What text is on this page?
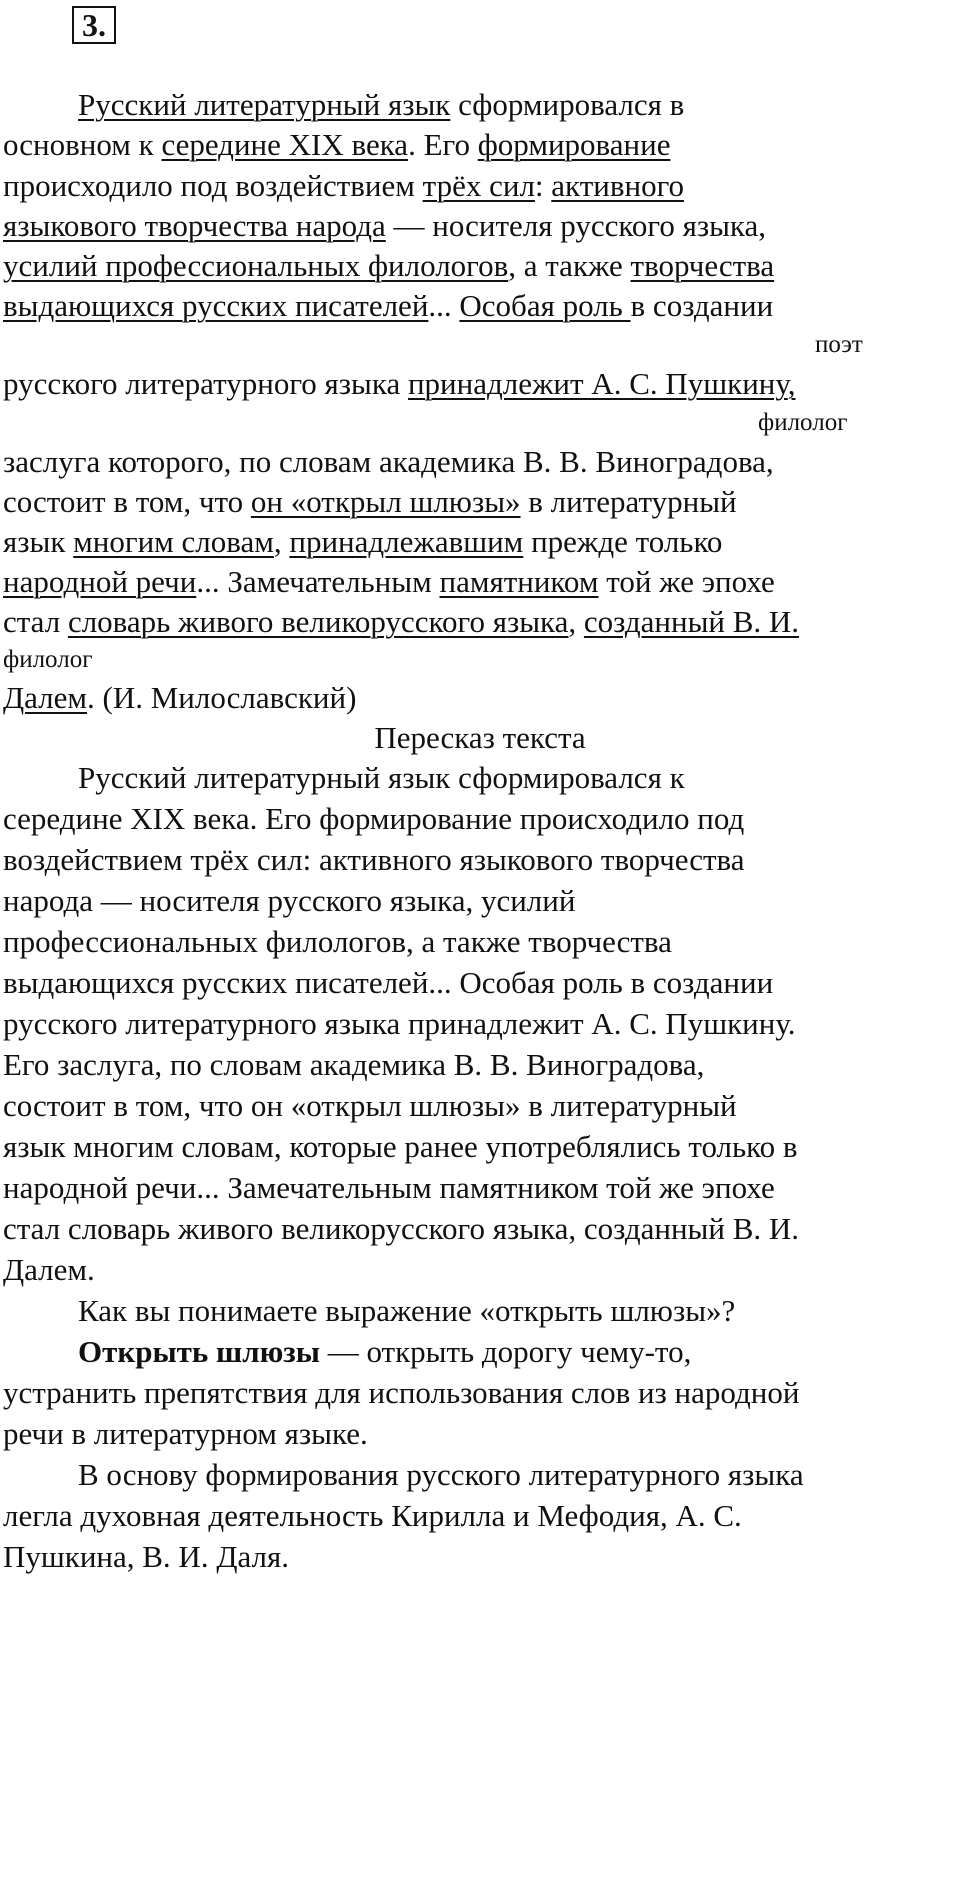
3.
Русский литературный язык сформировался в
основном к середине XIX века. Его формирование
происходило под воздействием трёх сил: активного
языкового творчества народа — носителя русского языка,
усилий профессиональных филологов, а также творчества
выдающихся русских писателей... Особая роль в создании
поэт
русского литературного языка принадлежит А. С. Пушкину,
филолог
заслуга которого, по словам академика В. В. Виноградова,
состоит в том, что он «открыл шлюзы» в литературный
язык многим словам, принадлежавшим прежде только
народной речи... Замечательным памятником той же эпохе
стал словарь живого великорусского языка, созданный В. И.
филолог
Далем. (И. Милославский)
Пересказ текста
Русский литературный язык сформировался к
середине XIX века. Его формирование происходило под
воздействием трёх сил: активного языкового творчества
народа — носителя русского языка, усилий
профессиональных филологов, а также творчества
выдающихся русских писателей... Особая роль в создании
русского литературного языка принадлежит А. С. Пушкину.
Его заслуга, по словам академика В. В. Виноградова,
состоит в том, что он «открыл шлюзы» в литературный
язык многим словам, которые ранее употреблялись только в
народной речи... Замечательным памятником той же эпохе
стал словарь живого великорусского языка, созданный В. И.
Далем.
Как вы понимаете выражение «открыть шлюзы»?
Открыть шлюзы — открыть дорогу чему-то,
устранить препятствия для использования слов из народной
речи в литературном языке.
В основу формирования русского литературного языка
легла духовная деятельность Кирилла и Мефодия, А. С.
Пушкина, В. И. Даля.
